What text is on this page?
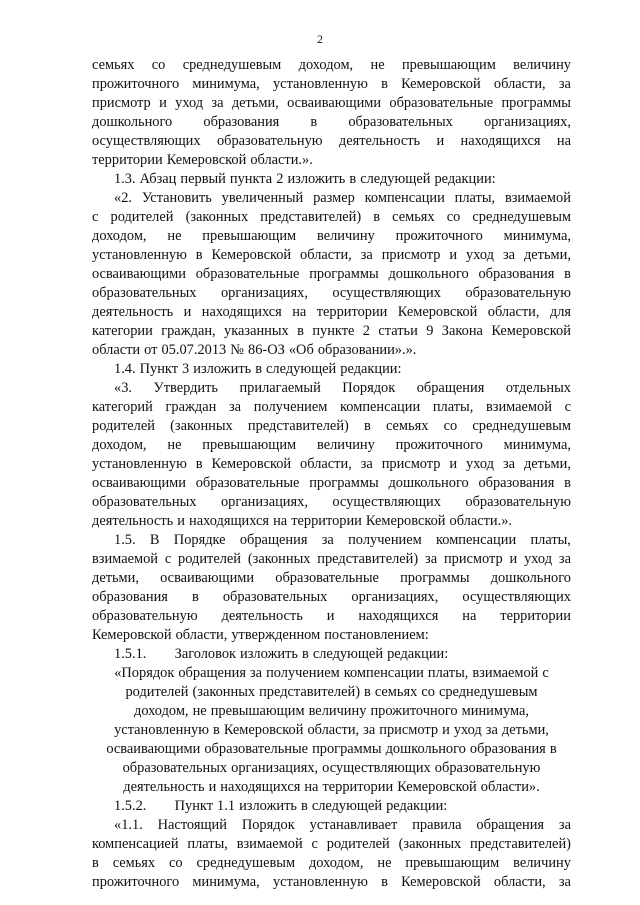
2
семьях со среднедушевым доходом, не превышающим величину
прожиточного минимума, установленную в Кемеровской области, за
присмотр и уход за детьми, осваивающими образовательные программы
дошкольного образования в образовательных организациях,
осуществляющих образовательную деятельность и находящихся на
территории Кемеровской области.».
1.3. Абзац первый пункта 2 изложить в следующей редакции:
«2. Установить увеличенный размер компенсации платы, взимаемой
с родителей (законных представителей) в семьях со среднедушевым
доходом, не превышающим величину прожиточного минимума,
установленную в Кемеровской области, за присмотр и уход за детьми,
осваивающими образовательные программы дошкольного образования в
образовательных организациях, осуществляющих образовательную
деятельность и находящихся на территории Кемеровской области, для
категории граждан, указанных в пункте 2 статьи 9 Закона Кемеровской
области от 05.07.2013 № 86-ОЗ «Об образовании».».
1.4. Пункт 3 изложить в следующей редакции:
«3. Утвердить прилагаемый Порядок обращения отдельных
категорий граждан за получением компенсации платы, взимаемой с
родителей (законных представителей) в семьях со среднедушевым
доходом, не превышающим величину прожиточного минимума,
установленную в Кемеровской области, за присмотр и уход за детьми,
осваивающими образовательные программы дошкольного образования в
образовательных организациях, осуществляющих образовательную
деятельность и находящихся на территории Кемеровской области.».
1.5. В Порядке обращения за получением компенсации платы,
взимаемой с родителей (законных представителей) за присмотр и уход за
детьми, осваивающими образовательные программы дошкольного
образования в образовательных организациях, осуществляющих
образовательную деятельность и находящихся на территории
Кемеровской области, утвержденном постановлением:
1.5.1. Заголовок изложить в следующей редакции:
«Порядок обращения за получением компенсации платы, взимаемой с
родителей (законных представителей) в семьях со среднедушевым
доходом, не превышающим величину прожиточного минимума,
установленную в Кемеровской области, за присмотр и уход за детьми,
осваивающими образовательные программы дошкольного образования в
образовательных организациях, осуществляющих образовательную
деятельность и находящихся на территории Кемеровской области».
1.5.2. Пункт 1.1 изложить в следующей редакции:
«1.1. Настоящий Порядок устанавливает правила обращения за
компенсацией платы, взимаемой с родителей (законных представителей)
в семьях со среднедушевым доходом, не превышающим величину
прожиточного минимума, установленную в Кемеровской области, за
